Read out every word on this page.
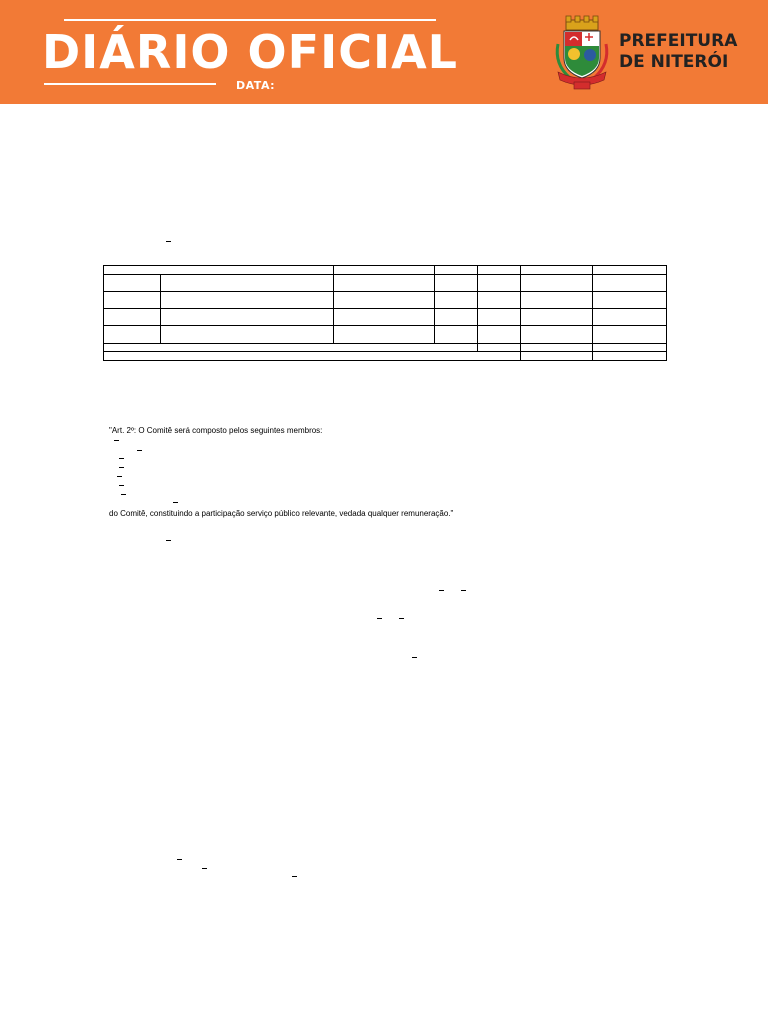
DIÁRIO OFICIAL
DATA:
PREFEITURA
DE NITERÓI

"Art. 2º: O Comitê será composto pelos seguintes membros:

do Comitê, constituindo a participação serviço público relevante, vedada qualquer remuneração."
